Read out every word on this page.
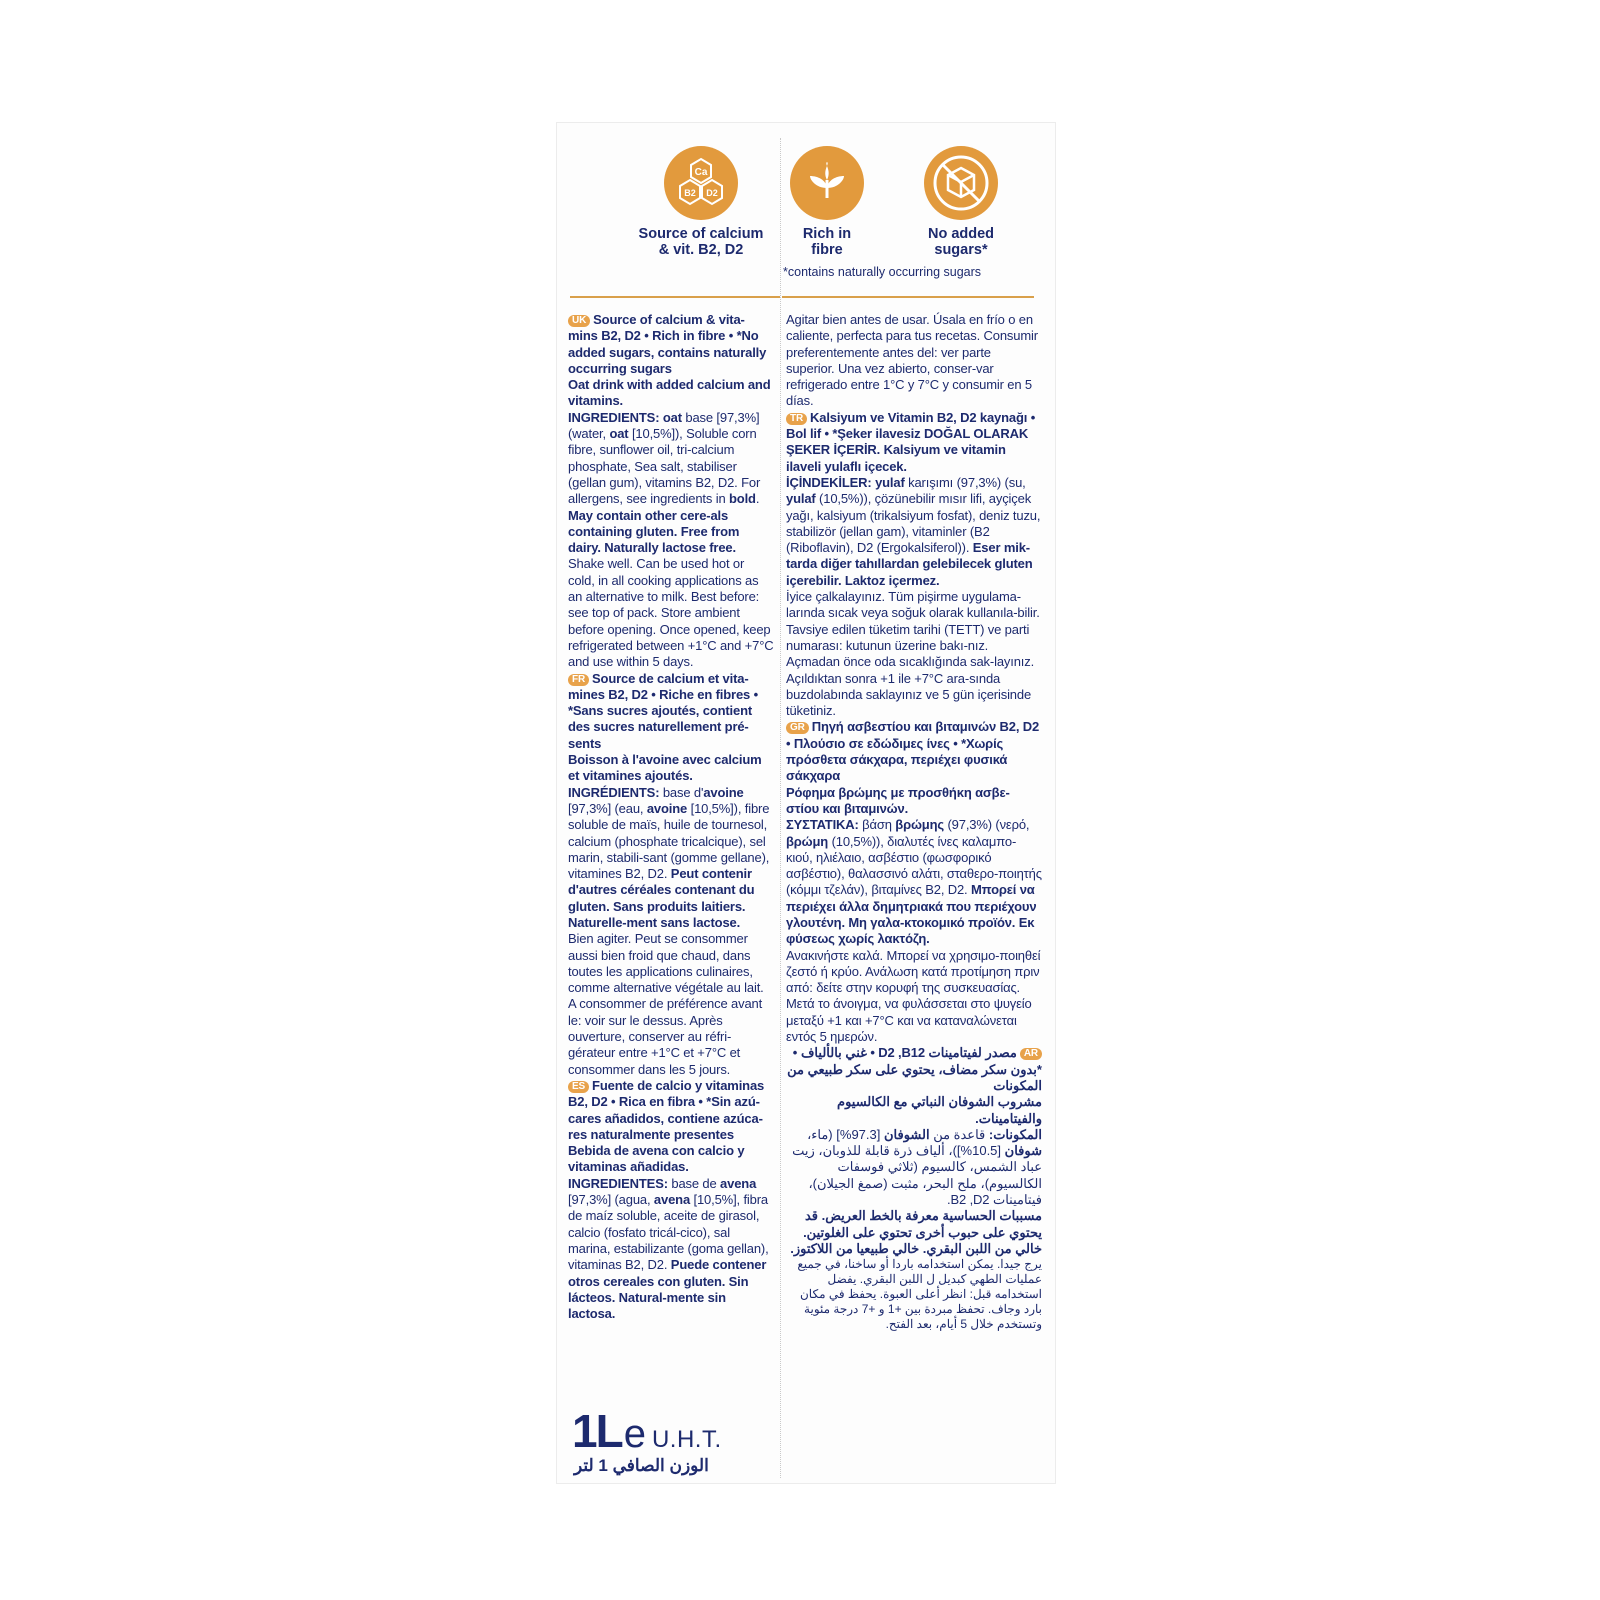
Ca
B2 D2
Source of calcium
& vit. B2, D2
Rich in
fibre
No added
sugars*
*contains naturally occurring sugars

UK Source of calcium & vita-mins B2, D2 • Rich in fibre • *No added sugars, contains naturally occurring sugars

Oat drink with added calcium and vitamins.

INGREDIENTS: oat base [97,3%] (water, oat [10,5%]), Soluble corn fibre, sunflower oil, tri-calcium phosphate, Sea salt, stabiliser (gellan gum), vitamins B2, D2. For allergens, see ingredients in bold. May contain other cere-als containing gluten. Free from dairy. Naturally lactose free.

Shake well. Can be used hot or cold, in all cooking applications as an alternative to milk. Best before: see top of pack. Store ambient before opening. Once opened, keep refrigerated between +1°C and +7°C and use within 5 days.

FR Source de calcium et vita-mines B2, D2 • Riche en fibres • *Sans sucres ajoutés, contient des sucres naturellement pré-sents

Boisson à l'avoine avec calcium et vitamines ajoutés.

INGRÉDIENTS: base d'avoine [97,3%] (eau, avoine [10,5%]), fibre soluble de maïs, huile de tournesol, calcium (phosphate tricalcique), sel marin, stabili-sant (gomme gellane), vitamines B2, D2. Peut contenir d'autres céréales contenant du gluten. Sans produits laitiers. Naturelle-ment sans lactose.

Bien agiter. Peut se consommer aussi bien froid que chaud, dans toutes les applications culinaires, comme alternative végétale au lait. A consommer de préférence avant le: voir sur le dessus. Après ouverture, conserver au réfri-gérateur entre +1°C et +7°C et consommer dans les 5 jours.

ES Fuente de calcio y vitaminas B2, D2 • Rica en fibra • *Sin azú-cares añadidos, contiene azúca-res naturalmente presentes

Bebida de avena con calcio y vitaminas añadidas.

INGREDIENTES: base de avena [97,3%] (agua, avena [10,5%], fibra de maíz soluble, aceite de girasol, calcio (fosfato tricál-cico), sal marina, estabilizante (goma gellan), vitaminas B2, D2. Puede contener otros cereales con gluten. Sin lácteos. Natural-mente sin lactosa.

1L e U.H.T.
الوزن الصافي 1 لتر

Agitar bien antes de usar. Úsala en frío o en caliente, perfecta para tus recetas. Consumir preferentemente antes del: ver parte superior. Una vez abierto, conser-var refrigerado entre 1°C y 7°C y consumir en 5 días.

TR Kalsiyum ve Vitamin B2, D2 kaynağı • Bol lif • *Şeker ilavesiz DOĞAL OLARAK ŞEKER İÇERİR. Kalsiyum ve vitamin ilaveli yulaflı içecek.

İÇİNDEKİLER: yulaf karışımı (97,3%) (su, yulaf (10,5%)), çözünebilir mısır lifi, ayçiçek yağı, kalsiyum (trikalsiyum fosfat), deniz tuzu, stabilizör (jellan gam), vitaminler (B2 (Riboflavin), D2 (Ergokalsiferol)). Eser mik-tarda diğer tahıllardan gelebilecek gluten içerebilir. Laktoz içermez.

İyice çalkalayınız. Tüm pişirme uygulama-larında sıcak veya soğuk olarak kullanıla-bilir. Tavsiye edilen tüketim tarihi (TETT) ve parti numarası: kutunun üzerine bakı-nız. Açmadan önce oda sıcaklığında sak-layınız. Açıldıktan sonra +1 ile +7°C ara-sında buzdolabında saklayınız ve 5 gün içerisinde tüketiniz.

GR Πηγή ασβεστίου και βιταμινών B2, D2 • Πλούσιο σε εδώδιμες ίνες • *Χωρίς πρόσθετα σάκχαρα, περιέχει φυσικά σάκχαρα

Ρόφημα βρώμης με προσθήκη ασβε-στίου και βιταμινών.

ΣΥΣΤΑΤΙΚΑ: βάση βρώμης (97,3%) (νερό, βρώμη (10,5%)), διαλυτές ίνες καλαμπο-κιού, ηλιέλαιο, ασβέστιο (φωσφορικό ασβέστιο), θαλασσινό αλάτι, σταθερο-ποιητής (κόμμι τζελάν), βιταμίνες B2, D2. Μπορεί να περιέχει άλλα δημητριακά που περιέχουν γλουτένη. Μη γαλα-κτοκομικό προϊόν. Εκ φύσεως χωρίς λακτόζη.

Ανακινήστε καλά. Μπορεί να χρησιμο-ποιηθεί ζεστό ή κρύο. Ανάλωση κατά προτίμηση πριν από: δείτε στην κορυφή της συσκευασίας. Μετά το άνοιγμα, να φυλάσσεται στο ψυγείο μεταξύ +1 και +7°C και να καταναλώνεται εντός 5 ημερών.

ARمصدر لفيتامينات D2 ,B12 • غني بالألياف • *بدون سكر مضاف، يحتوي على سكر طبيعي من المكونات

مشروب الشوفان النباتي مع الكالسيوم والفيتامينات.

المكونات: قاعدة من الشوفان [97.3%] (ماء، شوفان [10.5%])، ألياف ذرة قابلة للذوبان، زيت عباد الشمس، كالسيوم (ثلاثي فوسفات الكالسيوم)، ملح البحر، مثبت (صمغ الجيلان)، فيتامينات B2 ,D2.

مسببات الحساسية معرفة بالخط العريض. قد يحتوي على حبوب أخرى تحتوي على الغلوتين. خالي من اللبن البقري. خالي طبيعيا من اللاكتوز.

يرج جيدا. يمكن استخدامه باردا أو ساخنا، في جميع عمليات الطهي كبديل ل اللبن البقري. يفضل استخدامه قبل: انظر أعلى العبوة. يحفظ في مكان بارد وجاف. تحفظ مبردة بين +1 و +7 درجة مئوية وتستخدم خلال 5 أيام، بعد الفتح.
